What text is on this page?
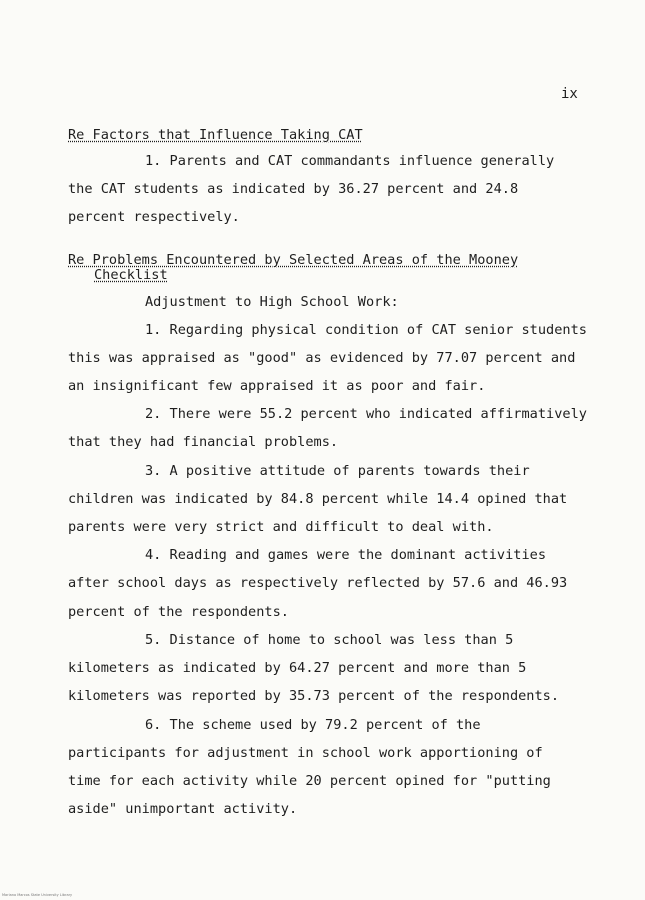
ix
Re Factors that Influence Taking CAT
1. Parents and CAT commandants influence generally
the CAT students as indicated by 36.27 percent and 24.8
percent respectively.
Re Problems Encountered by Selected Areas of the Mooney
Checklist
Adjustment to High School Work:
1. Regarding physical condition of CAT senior students
this was appraised as "good" as evidenced by 77.07 percent and
an insignificant few appraised it as poor and fair.
2. There were 55.2 percent who indicated affirmatively
that they had financial problems.
3. A positive attitude of parents towards their
children was indicated by 84.8 percent while 14.4 opined that
parents were very strict and difficult to deal with.
4. Reading and games were the dominant activities
after school days as respectively reflected by 57.6 and 46.93
percent of the respondents.
5. Distance of home to school was less than 5
kilometers as indicated by 64.27 percent and more than 5
kilometers was reported by 35.73 percent of the respondents.
6. The scheme used by 79.2 percent of the
participants for adjustment in school work apportioning of
time for each activity while 20 percent opined for "putting
aside" unimportant activity.
Mariano Marcos State University Library
